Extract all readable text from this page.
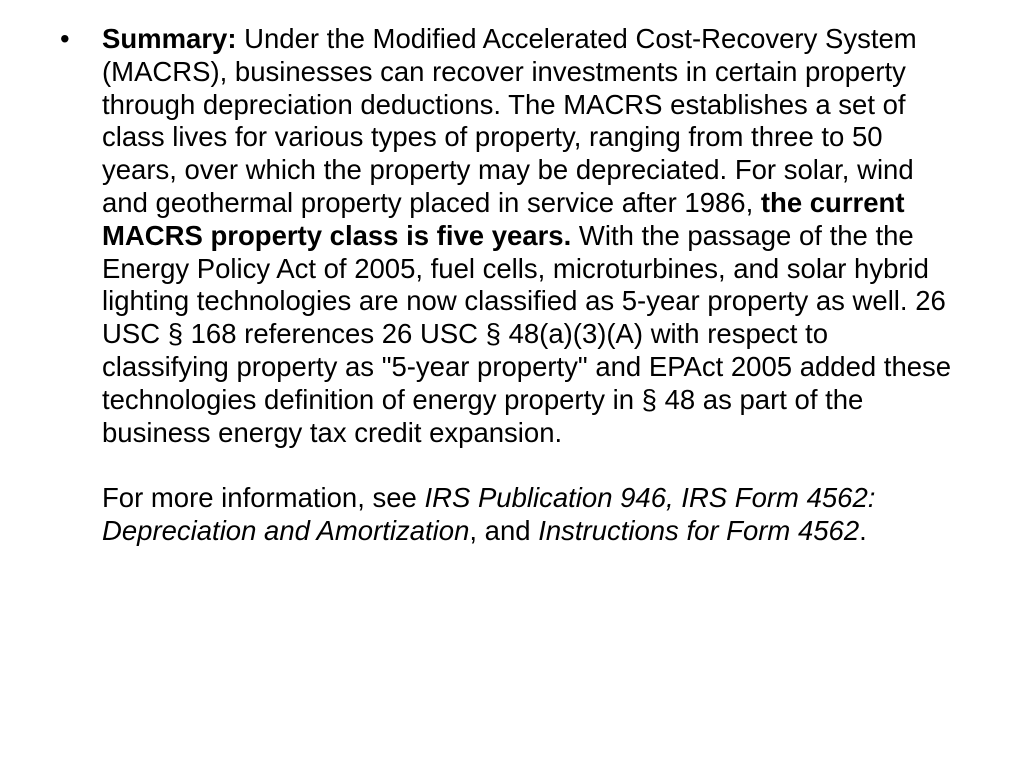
•	Summary: Under the Modified Accelerated Cost-Recovery System (MACRS), businesses can recover investments in certain property through depreciation deductions. The MACRS establishes a set of class lives for various types of property, ranging from three to 50 years, over which the property may be depreciated. For solar, wind and geothermal property placed in service after 1986, the current MACRS property class is five years. With the passage of the the Energy Policy Act of 2005, fuel cells, microturbines, and solar hybrid lighting technologies are now classified as 5-year property as well. 26 USC § 168 references 26 USC § 48(a)(3)(A) with respect to classifying property as "5-year property" and EPAct 2005 added these technologies definition of energy property in § 48 as part of the business energy tax credit expansion.

For more information, see IRS Publication 946, IRS Form 4562: Depreciation and Amortization, and Instructions for Form 4562.
